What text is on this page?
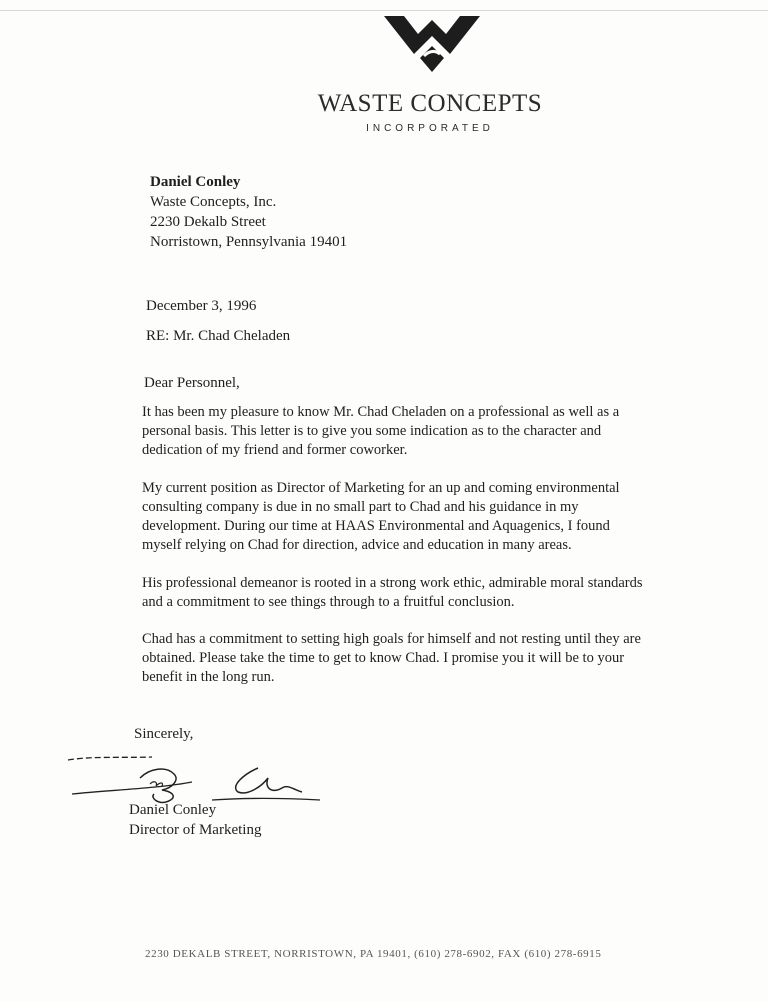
WASTE CONCEPTS
INCORPORATED
Daniel Conley
Waste Concepts, Inc.
2230 Dekalb Street
Norristown, Pennsylvania 19401
December 3, 1996
RE: Mr. Chad Cheladen
Dear Personnel,
It has been my pleasure to know Mr. Chad Cheladen on a professional as well as a
personal basis. This letter is to give you some indication as to the character and
dedication of my friend and former coworker.
My current position as Director of Marketing for an up and coming environmental
consulting company is due in no small part to Chad and his guidance in my
development. During our time at HAAS Environmental and Aquagenics, I found
myself relying on Chad for direction, advice and education in many areas.
His professional demeanor is rooted in a strong work ethic, admirable moral standards
and a commitment to see things through to a fruitful conclusion.
Chad has a commitment to setting high goals for himself and not resting until they are
obtained. Please take the time to get to know Chad. I promise you it will be to your
benefit in the long run.
Sincerely,
Daniel Conley
Director of Marketing
2230 DEKALB STREET, NORRISTOWN, PA 19401, (610) 278-6902, FAX (610) 278-6915
